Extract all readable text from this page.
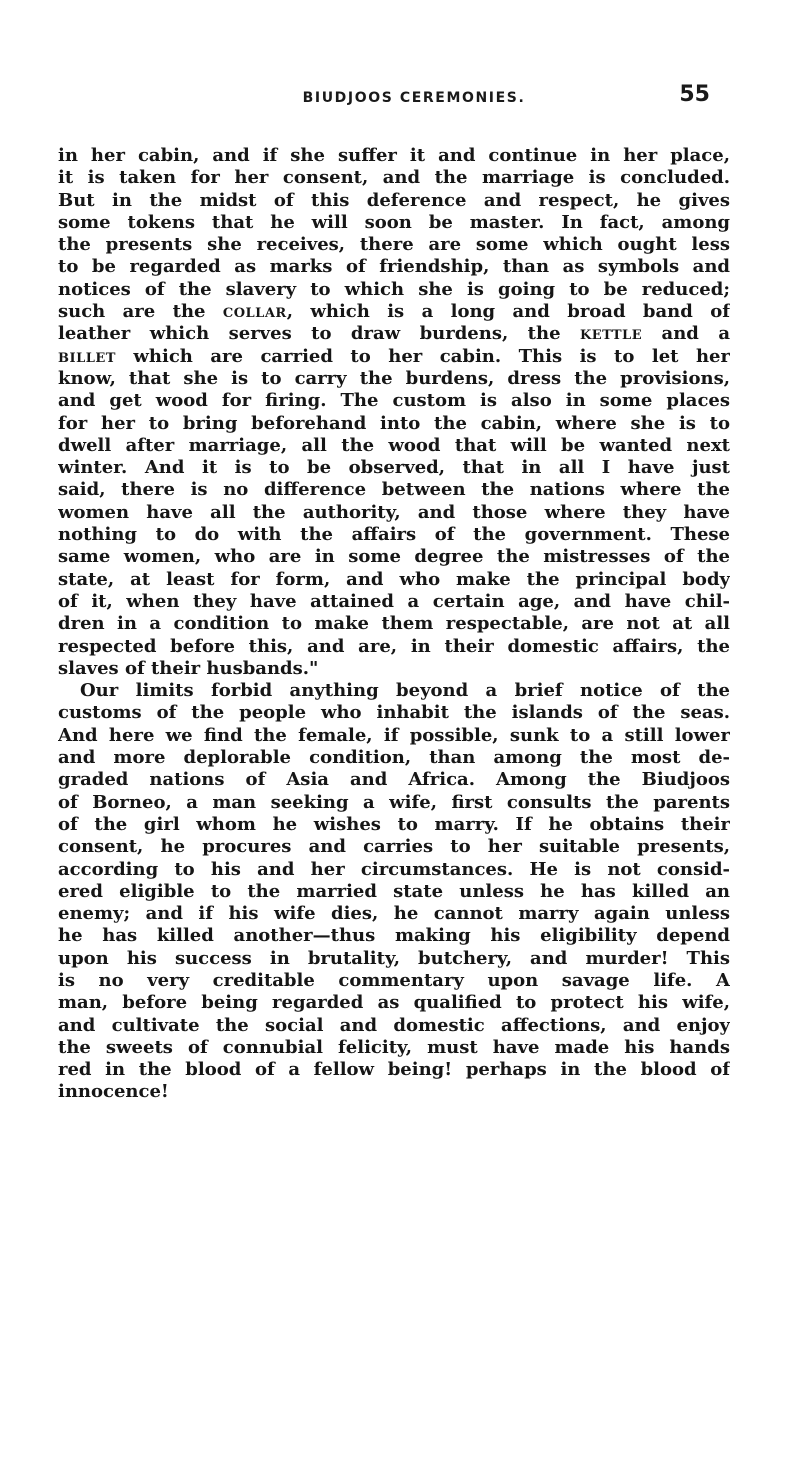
BIUDJOOS CEREMONIES.	55
in her cabin, and if she suffer it and continue in her place,
it is taken for her consent, and the marriage is concluded.
But in the midst of this deference and respect, he gives
some tokens that he will soon be master. In fact, among
the presents she receives, there are some which ought less
to be regarded as marks of friendship, than as symbols and
notices of the slavery to which she is going to be reduced;
such are the collar, which is a long and broad band of
leather which serves to draw burdens, the kettle and a
billet which are carried to her cabin. This is to let her
know, that she is to carry the burdens, dress the provisions,
and get wood for firing. The custom is also in some places
for her to bring beforehand into the cabin, where she is to
dwell after marriage, all the wood that will be wanted next
winter. And it is to be observed, that in all I have just
said, there is no difference between the nations where the
women have all the authority, and those where they have
nothing to do with the affairs of the government. These
same women, who are in some degree the mistresses of the
state, at least for form, and who make the principal body
of it, when they have attained a certain age, and have chil-
dren in a condition to make them respectable, are not at all
respected before this, and are, in their domestic affairs, the
slaves of their husbands."
Our limits forbid anything beyond a brief notice of the
customs of the people who inhabit the islands of the seas.
And here we find the female, if possible, sunk to a still lower
and more deplorable condition, than among the most de-
graded nations of Asia and Africa. Among the Biudjoos
of Borneo, a man seeking a wife, first consults the parents
of the girl whom he wishes to marry. If he obtains their
consent, he procures and carries to her suitable presents,
according to his and her circumstances. He is not consid-
ered eligible to the married state unless he has killed an
enemy; and if his wife dies, he cannot marry again unless
he has killed another—thus making his eligibility depend
upon his success in brutality, butchery, and murder! This
is no very creditable commentary upon savage life. A
man, before being regarded as qualified to protect his wife,
and cultivate the social and domestic affections, and enjoy
the sweets of connubial felicity, must have made his hands
red in the blood of a fellow being! perhaps in the blood of
innocence!
